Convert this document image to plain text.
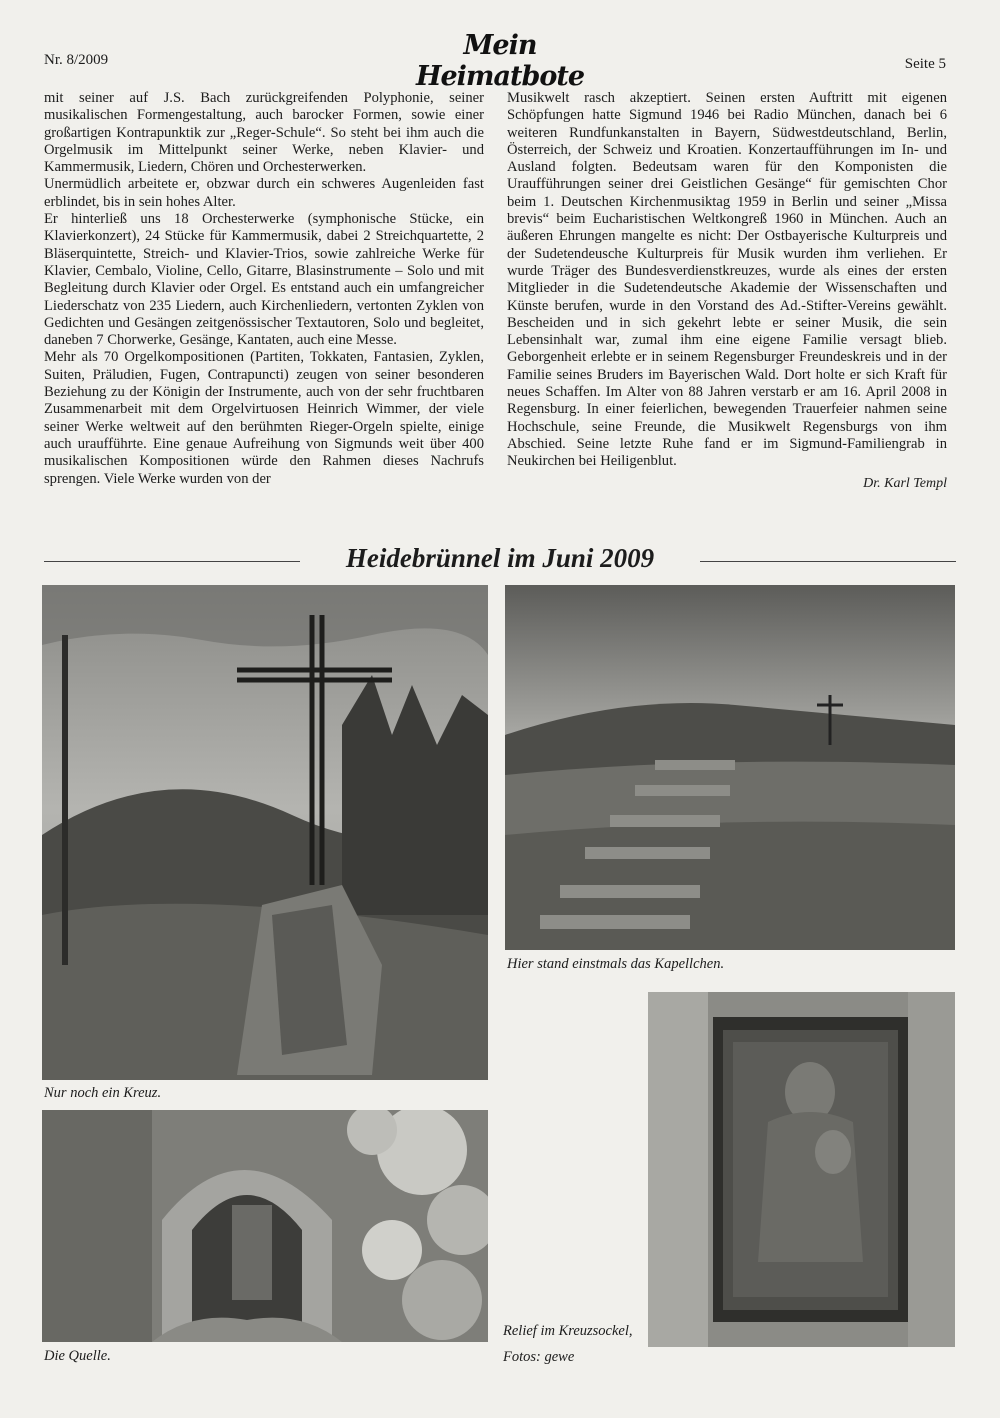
Nr. 8/2009	Mein Heimatbote	Seite 5

mit seiner auf J.S. Bach zurückgreifenden Polyphonie, seiner musikalischen Formengestaltung, auch barocker Formen, sowie einer großartigen Kontrapunktik zur „Reger-Schule“. So steht bei ihm auch die Orgelmusik im Mittelpunkt seiner Werke, neben Klavier- und Kammermusik, Liedern, Chören und Orchesterwerken.

Unermüdlich arbeitete er, obzwar durch ein schweres Augenleiden fast erblindet, bis in sein hohes Alter.

Er hinterließ uns 18 Orchesterwerke (symphonische Stücke, ein Klavierkonzert), 24 Stücke für Kammermusik, dabei 2 Streichquartette, 2 Bläserquintette, Streich- und Klavier-Trios, sowie zahlreiche Werke für Klavier, Cembalo, Violine, Cello, Gitarre, Blasinstrumente – Solo und mit Begleitung durch Klavier oder Orgel. Es entstand auch ein umfangreicher Liederschatz von 235 Liedern, auch Kirchenliedern, vertonten Zyklen von Gedichten und Gesängen zeitgenössischer Textautoren, Solo und begleitet, daneben 7 Chorwerke, Gesänge, Kantaten, auch eine Messe.

Mehr als 70 Orgelkompositionen (Partiten, Tokkaten, Fantasien, Zyklen, Suiten, Präludien, Fugen, Contrapuncti) zeugen von seiner besonderen Beziehung zu der Königin der Instrumente, auch von der sehr fruchtbaren Zusammenarbeit mit dem Orgelvirtuosen Heinrich Wimmer, der viele seiner Werke weltweit auf den berühmten Rieger-Orgeln spielte, einige auch uraufführte. Eine genaue Aufreihung von Sigmunds weit über 400 musikalischen Kompositionen würde den Rahmen dieses Nachrufs sprengen. Viele Werke wurden von der

Musikwelt rasch akzeptiert. Seinen ersten Auftritt mit eigenen Schöpfungen hatte Sigmund 1946 bei Radio München, danach bei 6 weiteren Rundfunkanstalten in Bayern, Südwestdeutschland, Berlin, Österreich, der Schweiz und Kroatien. Konzertaufführungen im In- und Ausland folgten. Bedeutsam waren für den Komponisten die Uraufführungen seiner drei Geistlichen Gesänge“ für gemischten Chor beim 1. Deutschen Kirchenmusiktag 1959 in Berlin und seiner „Missa brevis“ beim Eucharistischen Weltkongreß 1960 in München. Auch an äußeren Ehrungen mangelte es nicht: Der Ostbayerische Kulturpreis und der Sudetendeusche Kulturpreis für Musik wurden ihm verliehen. Er wurde Träger des Bundesverdienstkreuzes, wurde als eines der ersten Mitglieder in die Sudetendeutsche Akademie der Wissenschaften und Künste berufen, wurde in den Vorstand des Ad.-Stifter-Vereins gewählt. Bescheiden und in sich gekehrt lebte er seiner Musik, die sein Lebensinhalt war, zumal ihm eine eigene Familie versagt blieb. Geborgenheit erlebte er in seinem Regensburger Freundeskreis und in der Familie seines Bruders im Bayerischen Wald. Dort holte er sich Kraft für neues Schaffen. Im Alter von 88 Jahren verstarb er am 16. April 2008 in Regensburg. In einer feierlichen, bewegenden Trauerfeier nahmen seine Hochschule, seine Freunde, die Musikwelt Regensburgs von ihm Abschied. Seine letzte Ruhe fand er im Sigmund-Familiengrab in Neukirchen bei Heiligenblut.

Dr. Karl Templ

Heidebrünnel im Juni 2009
Nur noch ein Kreuz.
Hier stand einstmals das Kapellchen.
Die Quelle.
Relief im Kreuzsockel,
Fotos: gewe
